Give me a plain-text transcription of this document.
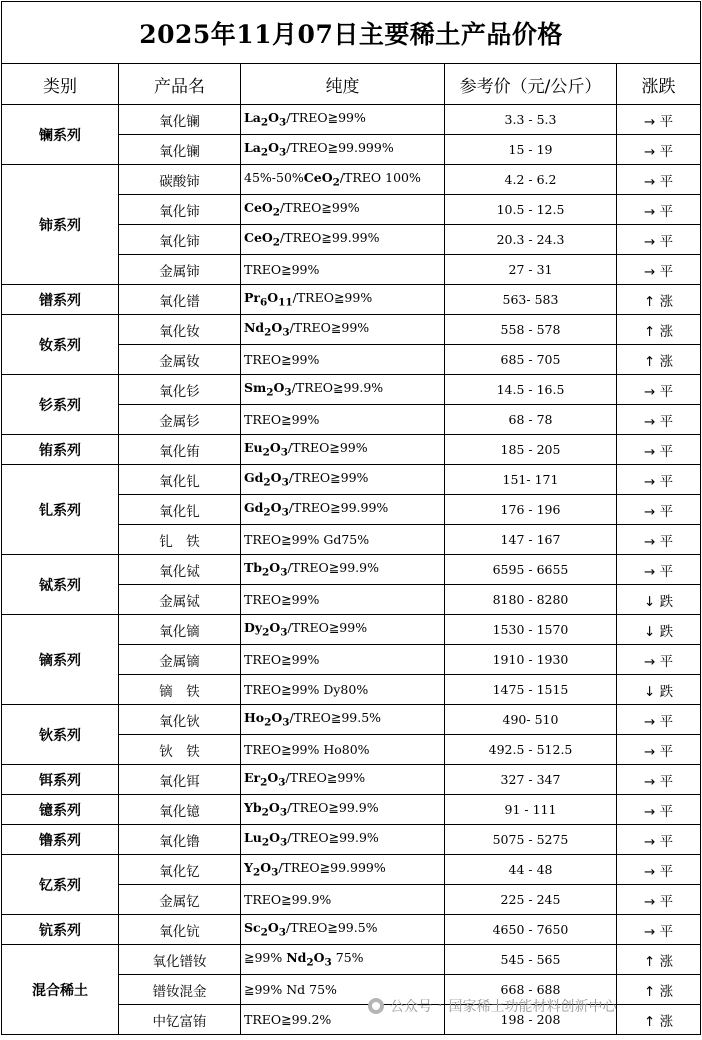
2025年11月07日主要稀土产品价格				
类别	产品名	纯度	参考价（元/公斤）	涨跌
镧系列	氧化镧	$La_2O_3/TREO≧99\%$	3.3 - 5.3	→ 平
	氧化镧	$La_2O_3/TREO≧99.999\%$	15 - 19	→ 平
铈系列	碳酸铈	45%-50%CeO$_2$/TREO 100%	4.2 - 6.2	→ 平
	氧化铈	CeO$_2$/TREO≧99%	10.5 - 12.5	→ 平
	氧化铈	CeO$_2$/TREO≧99.99%	20.3 - 24.3	→ 平
	金属铈	TREO≧99%	27 - 31	→ 平
镨系列	氧化镨	$Pr_6O_{11}/TREO≧99\%$	563- 583	↑ 涨
钕系列	氧化钕	$Nd_2O_3/TREO≧99\%$	558 - 578	↑ 涨
	金属钕	TREO≧99%	685 - 705	↑ 涨
钐系列	氧化钐	$Sm_2O_3/TREO≧99.9\%$	14.5 - 16.5	→ 平
	金属钐	TREO≧99%	68 - 78	→ 平
铕系列	氧化铕	$Eu_2O_3/TREO≧99\%$	185 - 205	→ 平
钆系列	氧化钆	$Gd_2O_3/TREO≧99\%$	151- 171	→ 平
	氧化钆	$Gd_2O_3/TREO≧99.99\%$	176 - 196	→ 平
	钆　铁	TREO≧99% Gd75%	147 - 167	→ 平
铽系列	氧化铽	$Tb_2O_3/TREO≧99.9\%$	6595 - 6655	→ 平
	金属铽	TREO≧99%	8180 - 8280	↓ 跌
镝系列	氧化镝	$Dy_2O_3/TREO≧99\%$	1530 - 1570	↓ 跌
	金属镝	TREO≧99%	1910 - 1930	→ 平
	镝　铁	TREO≧99% Dy80%	1475 - 1515	↓ 跌
钬系列	氧化钬	$Ho_2O_3/TREO≧99.5\%$	490- 510	→ 平
	钬　铁	TREO≧99% Ho80%	492.5 - 512.5	→ 平
铒系列	氧化铒	$Er_2O_3/TREO≧99\%$	327 - 347	→ 平
镱系列	氧化镱	$Yb_2O_3/TREO≧99.9\%$	91 - 111	→ 平
镥系列	氧化镥	$Lu_2O_3/TREO≧99.9\%$	5075 - 5275	→ 平
钇系列	氧化钇	$Y_2O_3/TREO≧99.999\%$	44 - 48	→ 平
	金属钇	TREO≧99.9%	225 - 245	→ 平
钪系列	氧化钪	$Sc_2O_3/TREO≧99.5\%$	4650 - 7650	→ 平
混合稀土	氧化镨钕	≧99% $Nd_2O_3$ 75%	545 - 565	↑ 涨
	镨钕混金	≧99% Nd 75%	668 - 688	↑ 涨
	中钇富铕	TREO≧99.2%	198 - 208	↑ 涨
公众号 · 国家稀土功能材料创新中心
